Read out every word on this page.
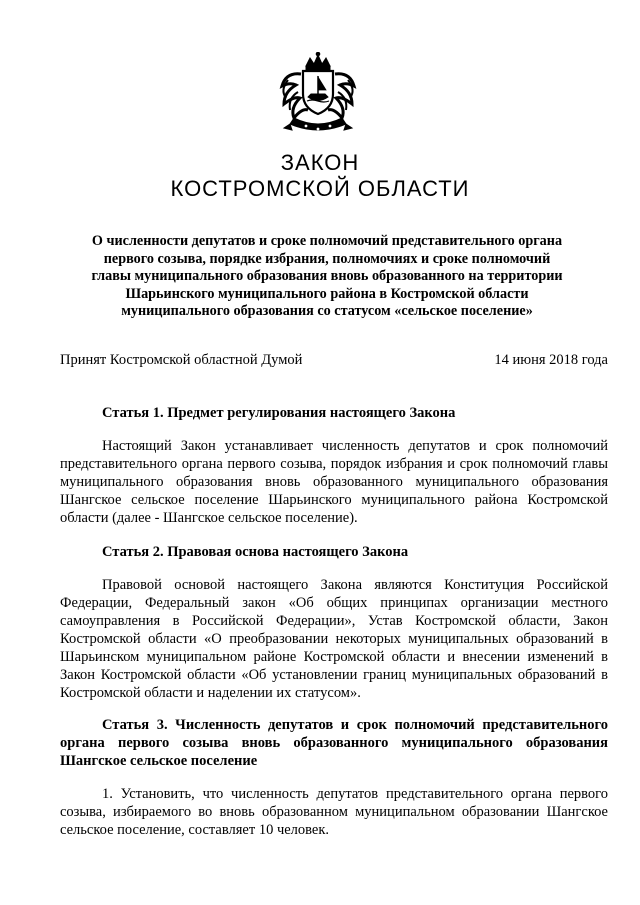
ЗАКОН
КОСТРОМСКОЙ ОБЛАСТИ
О численности депутатов и сроке полномочий представительного органа
первого созыва, порядке избрания, полномочиях и сроке полномочий
главы муниципального образования вновь образованного на территории
Шарьинского муниципального района в Костромской области
муниципального образования со статусом «сельское поселение»
Принят Костромской областной Думой	14 июня 2018 года
Статья 1. Предмет регулирования настоящего Закона
Настоящий Закон устанавливает численность депутатов и срок полномочий представительного органа первого созыва, порядок избрания и срок полномочий главы муниципального образования вновь образованного муниципального образования Шангское сельское поселение Шарьинского муниципального района Костромской области (далее - Шангское сельское поселение).
Статья 2. Правовая основа настоящего Закона
Правовой основой настоящего Закона являются Конституция Российской Федерации, Федеральный закон «Об общих принципах организации местного самоуправления в Российской Федерации», Устав Костромской области, Закон Костромской области «О преобразовании некоторых муниципальных образований в Шарьинском муниципальном районе Костромской области и внесении изменений в Закон Костромской области «Об установлении границ муниципальных образований в Костромской области и наделении их статусом».
Статья 3. Численность депутатов и срок полномочий представительного органа первого созыва вновь образованного муниципального образования Шангское сельское поселение
1. Установить, что численность депутатов представительного органа первого созыва, избираемого во вновь образованном муниципальном образовании Шангское сельское поселение, составляет 10 человек.
